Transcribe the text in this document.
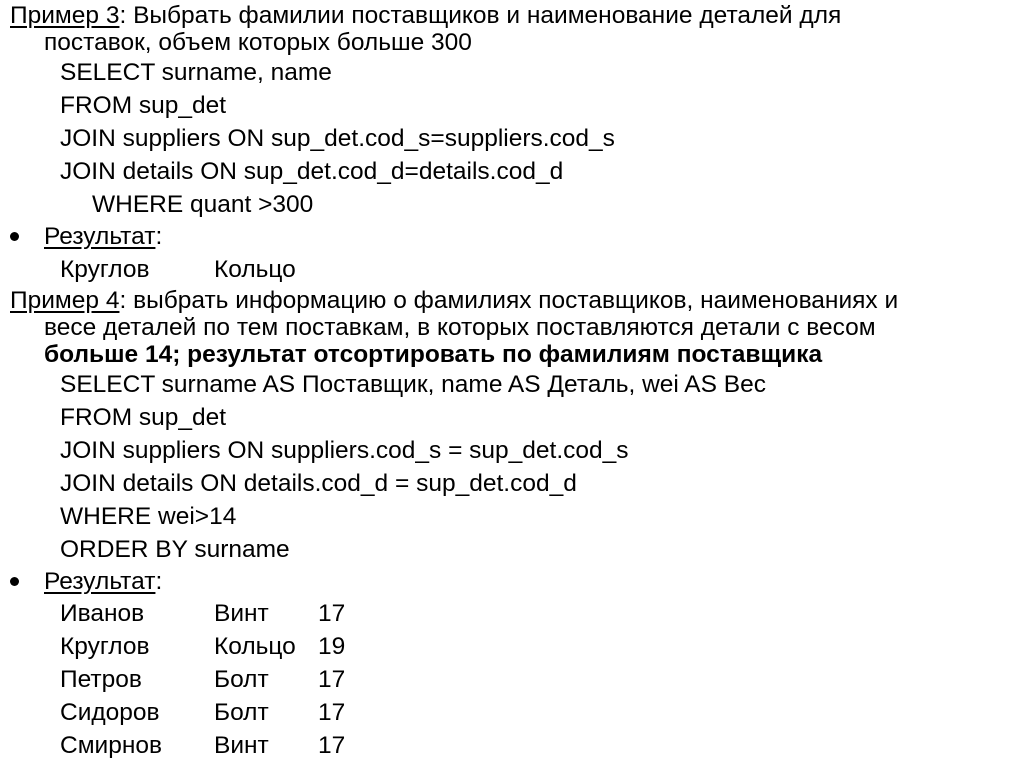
Пример 3: Выбрать фамилии поставщиков и наименование деталей для
поставок, объем которых больше 300
SELECT surname, name
FROM sup_det
JOIN suppliers ON sup_det.cod_s=suppliers.cod_s
JOIN details ON sup_det.cod_d=details.cod_d
WHERE quant >300
Результат:
Круглов	Кольцо
Пример 4: выбрать информацию о фамилиях поставщиков, наименованиях и
весе деталей по тем поставкам, в которых поставляются детали с весом
больше 14; результат отсортировать по фамилиям поставщика
SELECT surname AS Поставщик, name AS Деталь, wei AS Вес
FROM sup_det
JOIN suppliers ON suppliers.cod_s = sup_det.cod_s
JOIN details ON details.cod_d = sup_det.cod_d
WHERE wei>14
ORDER BY surname
Результат:
Иванов	Винт	17
Круглов	Кольцо	19
Петров	Болт	17
Сидоров	Болт	17
Смирнов	Винт	17
